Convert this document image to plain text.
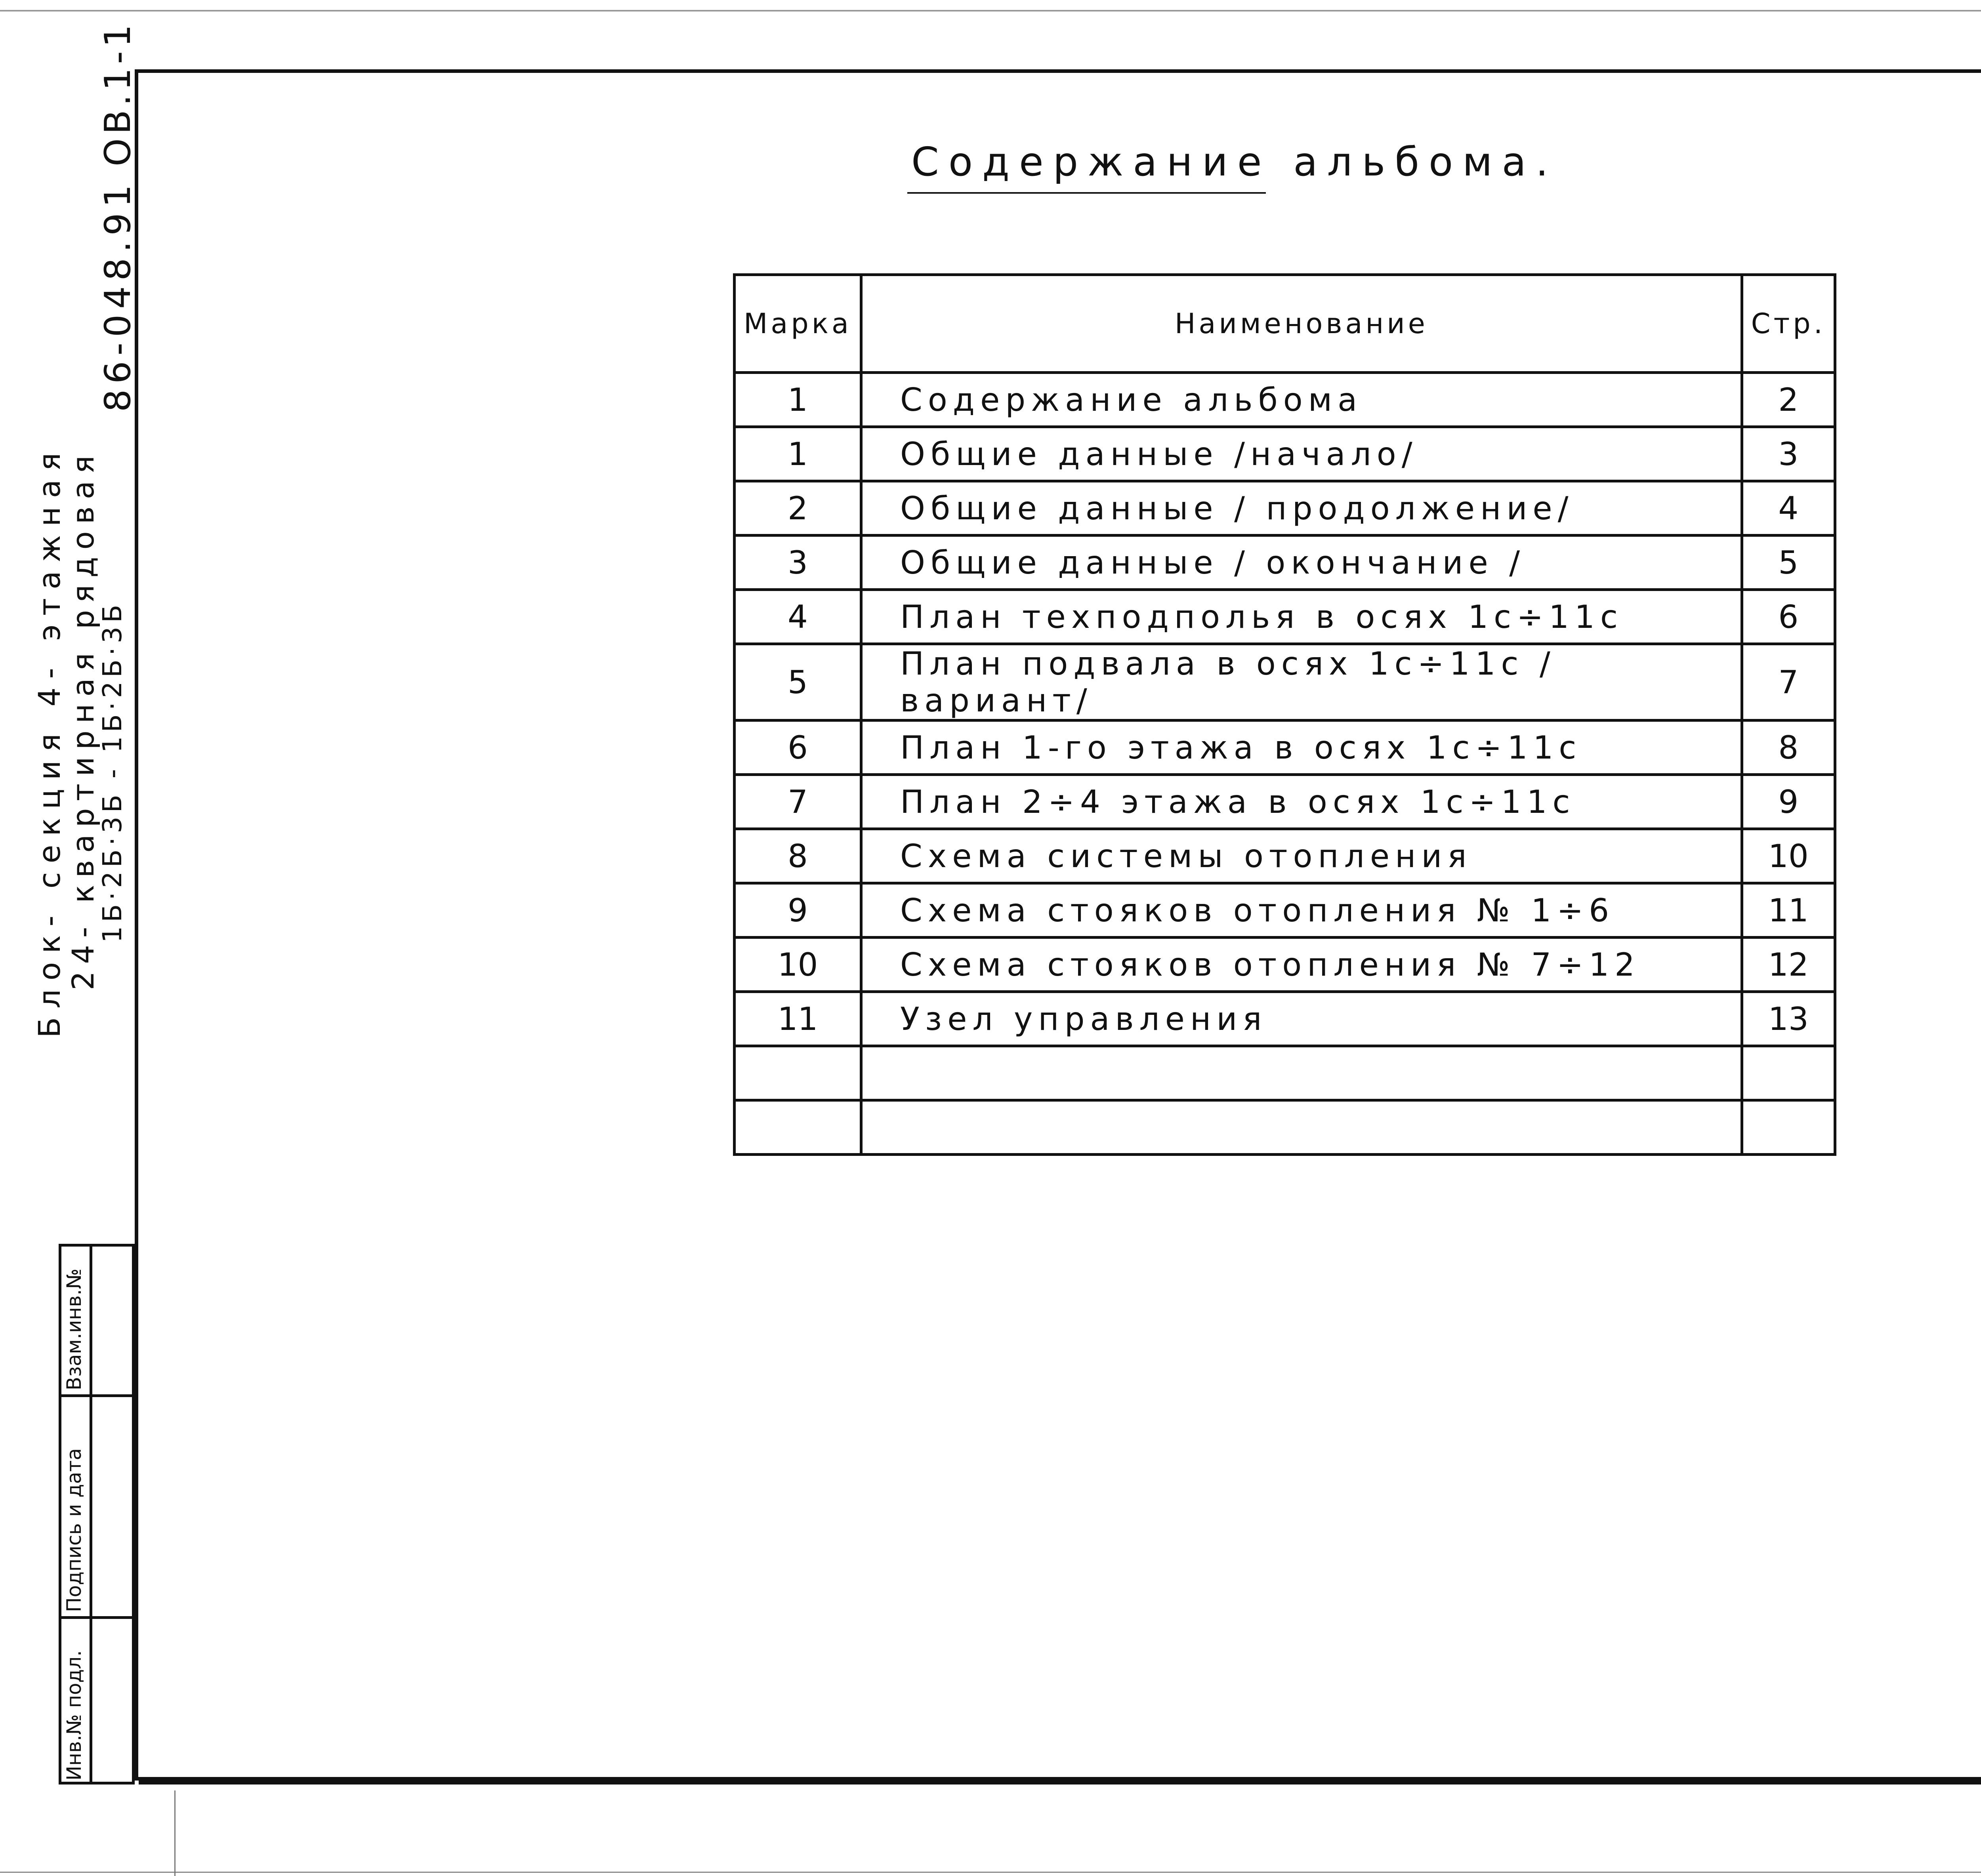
Содержание альбома.
Блок- секция 4- этажная
24- квартирная рядовая
1Б·2Б·3Б - 1Б·2Б·3Б
86-048.91
ОВ.1-1
Взам.инв.№
Подпись и дата
Инв.№ подл.
Марка	Наименование	Стр.
1	Содержание альбома	2
1	Общие данные /начало/	3
2	Общие данные / продолжение/	4
3	Общие данные / окончание /	5
4	План техподполья в осях 1с÷11с	6
5	План подвала в осях 1с÷11с /вариант/	7
6	План 1-го этажа в осях 1с÷11с	8
7	План 2÷4 этажа в осях 1с÷11с	9
8	Схема системы отопления	10
9	Схема стояков отопления № 1÷6	11
10	Схема стояков отопления № 7÷12	12
11	Узел управления	13
